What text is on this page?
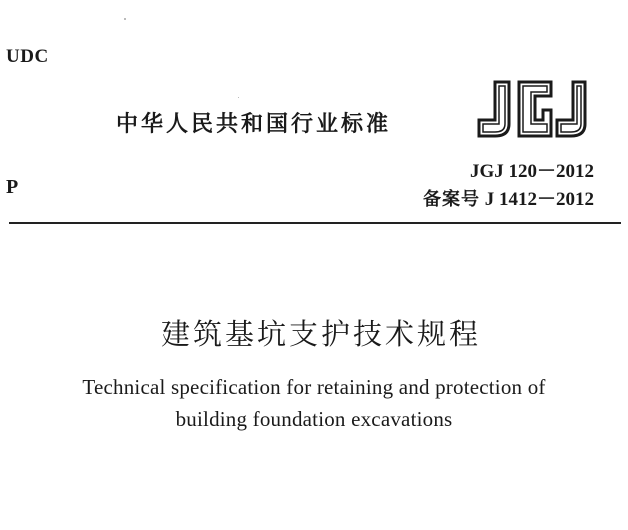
UDC
中华人民共和国行业标准
JGJ 120－2012
备案号 J 1412－2012
P
建筑基坑支护技术规程
Technical specification for retaining and protection of
building foundation excavations
